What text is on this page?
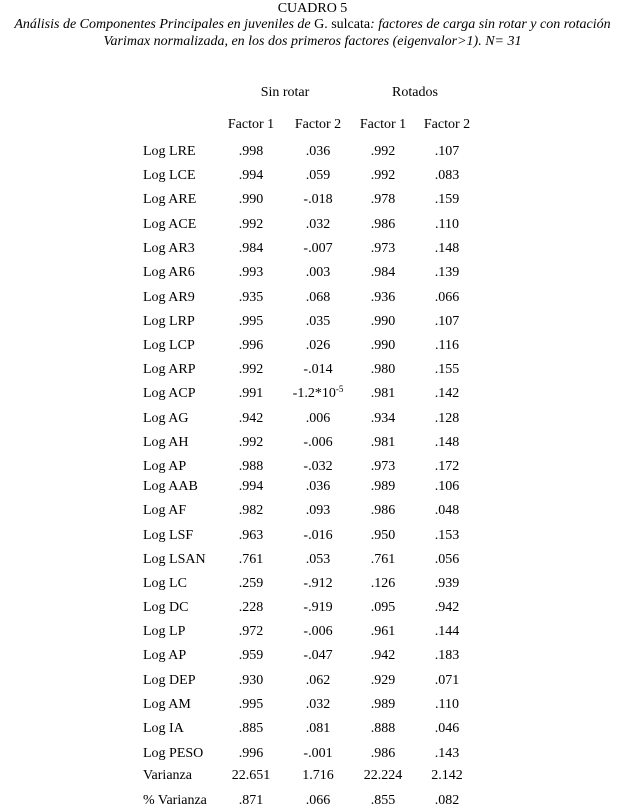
CUADRO 5
Análisis de Componentes Principales en juveniles de G. sulcata: factores de carga sin rotar y con rotación
Varimax normalizada, en los dos primeros factores (eigenvalor>1). N= 31
Sin rotar	Rotados
Factor 1	Factor 2	Factor 1	Factor 2
Log LRE	.998	.036	.992	.107
Log LCE	.994	.059	.992	.083
Log ARE	.990	-.018	.978	.159
Log ACE	.992	.032	.986	.110
Log AR3	.984	-.007	.973	.148
Log AR6	.993	.003	.984	.139
Log AR9	.935	.068	.936	.066
Log LRP	.995	.035	.990	.107
Log LCP	.996	.026	.990	.116
Log ARP	.992	-.014	.980	.155
Log ACP	.991	$-1.2*10^{-5}$	.981	.142
Log AG	.942	.006	.934	.128
Log AH	.992	-.006	.981	.148
Log AP	.988	-.032	.973	.172
Log AAB	.994	.036	.989	.106
Log AF	.982	.093	.986	.048
Log LSF	.963	-.016	.950	.153
Log LSAN	.761	.053	.761	.056
Log LC	.259	-.912	.126	.939
Log DC	.228	-.919	.095	.942
Log LP	.972	-.006	.961	.144
Log AP	.959	-.047	.942	.183
Log DEP	.930	.062	.929	.071
Log AM	.995	.032	.989	.110
Log IA	.885	.081	.888	.046
Log PESO	.996	-.001	.986	.143
Varianza	22.651	1.716	22.224	2.142
% Varianza	.871	.066	.855	.082
